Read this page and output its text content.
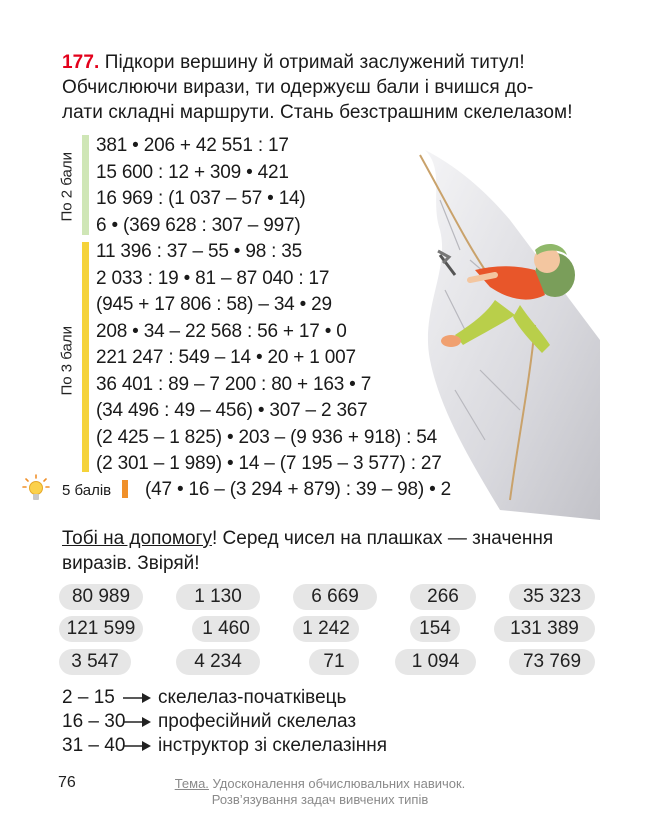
177. Підкори вершину й отримай заслужений титул!
Обчислюючи вирази, ти одержуєш бали і вчишся до-
лати складні маршрути. Стань безстрашним скелелазом!
По 2 бали
381 • 206 + 42 551 : 17
15 600 : 12 + 309 • 421
16 969 : (1 037 – 57 • 14)
6 • (369 628 : 307 – 997)
По 3 бали
11 396 : 37 – 55 • 98 : 35
2 033 : 19 • 81 – 87 040 : 17
(945 + 17 806 : 58) – 34 • 29
208 • 34 – 22 568 : 56 + 17 • 0
221 247 : 549 – 14 • 20 + 1 007
36 401 : 89 – 7 200 : 80 + 163 • 7
(34 496 : 49 – 456) • 307 – 2 367
(2 425 – 1 825) • 203 – (9 936 + 918) : 54
(2 301 – 1 989) • 14 – (7 195 – 3 577) : 27
5 балів (47 • 16 – (3 294 + 879) : 39 – 98) • 2
Тобі на допомогу! Серед чисел на плашках — значення
виразів. Звіряй!
80 989	1 130	6 669	266	35 323
121 599	1 460	1 242	154	131 389
3 547	4 234	71	1 094	73 769
2 – 15	скелелаз-початківець
16 – 30 професійний скелелаз
31 – 40 інструктор зі скелелазіння
76	Тема. Удосконалення обчислювальних навичок.
Розв’язування задач вивчених типів
